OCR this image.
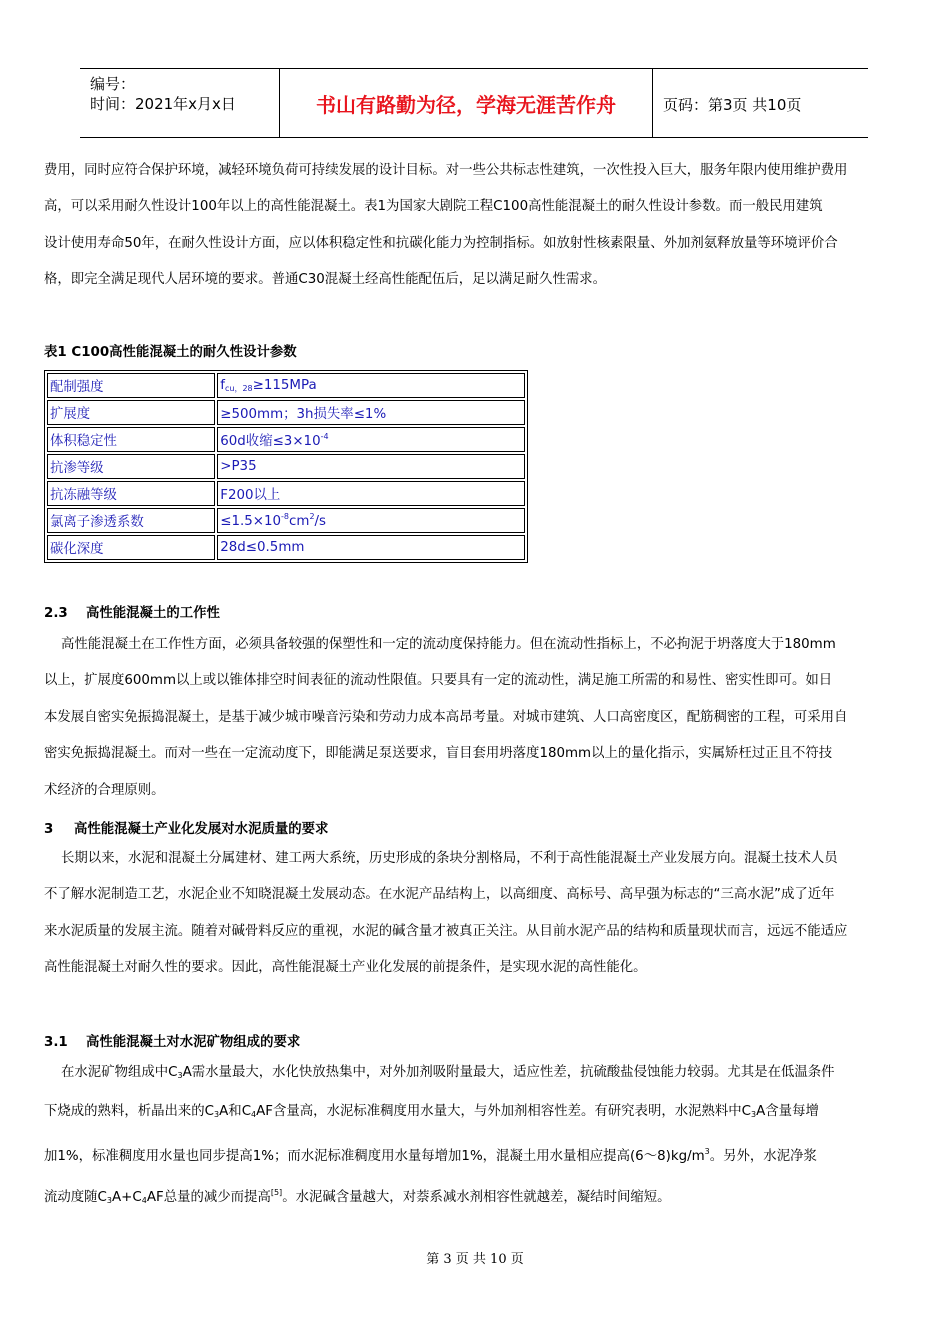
编号：
时间：2021年x月x日	书山有路勤为径，学海无涯苦作舟	页码：第3页 共10页

费用，同时应符合保护环境，减轻环境负荷可持续发展的设计目标。对一些公共标志性建筑，一次性投入巨大，服务年限内使用维护费用

高，可以采用耐久性设计100年以上的高性能混凝土。表1为国家大剧院工程C100高性能混凝土的耐久性设计参数。而一般民用建筑

设计使用寿命50年，在耐久性设计方面，应以体积稳定性和抗碳化能力为控制指标。如放射性核素限量、外加剂氨释放量等环境评价合

格，即完全满足现代人居环境的要求。普通C30混凝土经高性能配伍后，足以满足耐久性需求。

表1 C100高性能混凝土的耐久性设计参数
配制强度	$f_{cu,28}\ge 115MPa$
扩展度	≥500mm；3h损失率≤1%
体积稳定性	60d收缩$\le 3\times 10^{-4}$
抗渗等级	>P35
抗冻融等级	F200以上
氯离子渗透系数	$\le 1.5\times 10^{-8}cm^2/s$
碳化深度	28d≤0.5mm
2.3 高性能混凝土的工作性

高性能混凝土在工作性方面，必须具备较强的保塑性和一定的流动度保持能力。但在流动性指标上，不必拘泥于坍落度大于180mm

以上，扩展度600mm以上或以锥体排空时间表征的流动性限值。只要具有一定的流动性，满足施工所需的和易性、密实性即可。如日

本发展自密实免振捣混凝土，是基于减少城市噪音污染和劳动力成本高昂考量。对城市建筑、人口高密度区，配筋稠密的工程，可采用自

密实免振捣混凝土。而对一些在一定流动度下，即能满足泵送要求，盲目套用坍落度180mm以上的量化指示，实属矫枉过正且不符技

术经济的合理原则。

3 高性能混凝土产业化发展对水泥质量的要求

长期以来，水泥和混凝土分属建材、建工两大系统，历史形成的条块分割格局，不利于高性能混凝土产业发展方向。混凝土技术人员

不了解水泥制造工艺，水泥企业不知晓混凝土发展动态。在水泥产品结构上，以高细度、高标号、高早强为标志的“三高水泥”成了近年

来水泥质量的发展主流。随着对碱骨料反应的重视，水泥的碱含量才被真正关注。从目前水泥产品的结构和质量现状而言，远远不能适应

高性能混凝土对耐久性的要求。因此，高性能混凝土产业化发展的前提条件，是实现水泥的高性能化。

3.1 高性能混凝土对水泥矿物组成的要求

在水泥矿物组成中$C_3A$需水量最大，水化快放热集中，对外加剂吸附量最大，适应性差，抗硫酸盐侵蚀能力较弱。尤其是在低温条件

下烧成的熟料，析晶出来的$C_3A$和$C_4AF$含量高，水泥标准稠度用水量大，与外加剂相容性差。有研究表明，水泥熟料中$C_3A$含量每增

加1%，标准稠度用水量也同步提高1%；而水泥标准稠度用水量每增加1%，混凝土用水量相应提高$(6\sim 8)kg/m^3$。另外，水泥净浆

流动度随$C_3A+C_4AF$总量的减少而提高[5]。水泥碱含量越大，对萘系减水剂相容性就越差，凝结时间缩短。

第 3 页 共 10 页
